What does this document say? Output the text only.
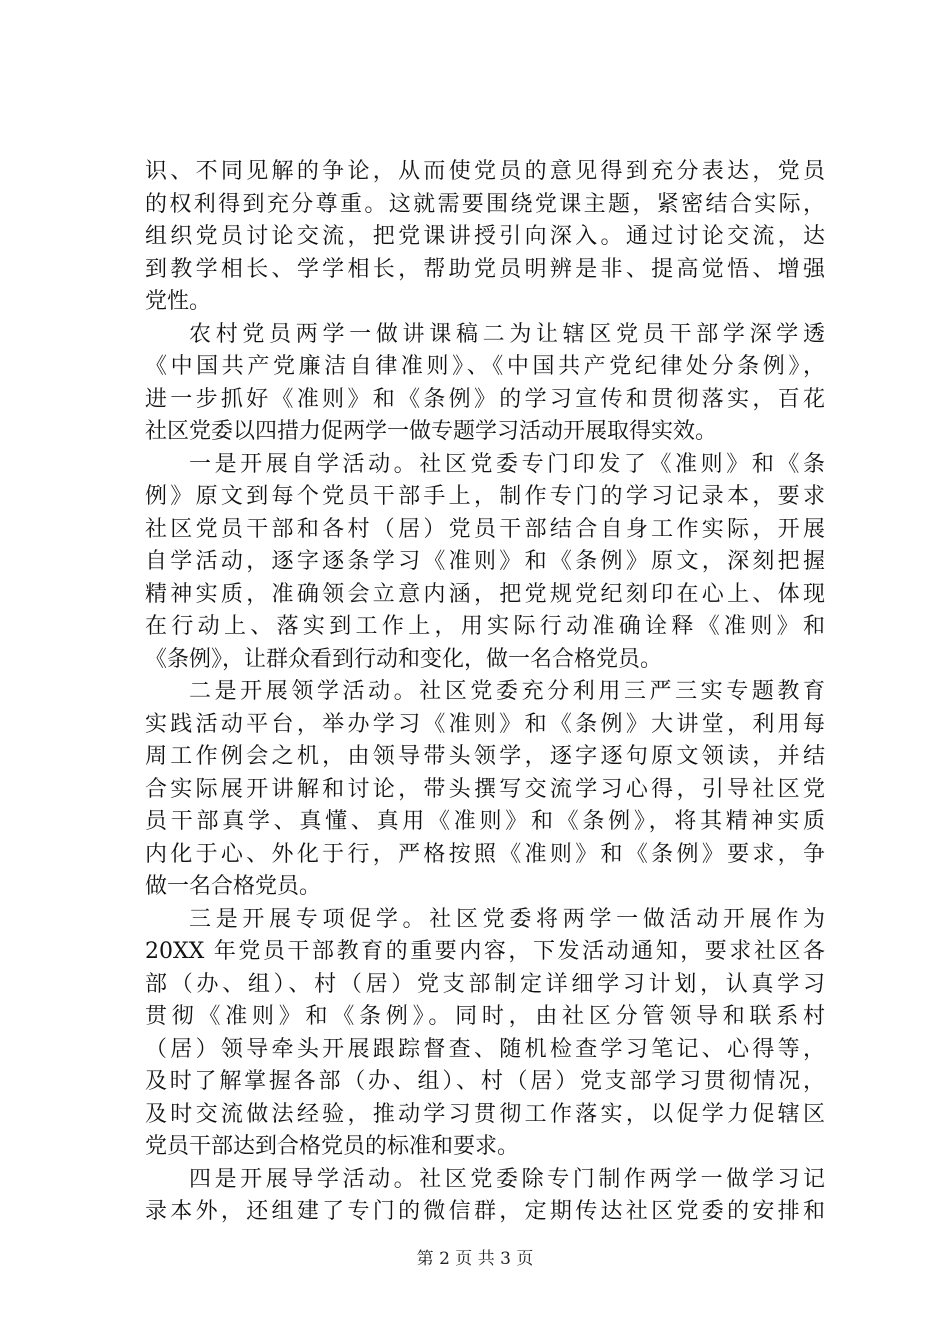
识、不同见解的争论，从而使党员的意见得到充分表达，党员
的权利得到充分尊重。这就需要围绕党课主题，紧密结合实际，
组织党员讨论交流，把党课讲授引向深入。通过讨论交流，达
到教学相长、学学相长，帮助党员明辨是非、提高觉悟、增强
党性。
农村党员两学一做讲课稿二为让辖区党员干部学深学透
《中国共产党廉洁自律准则》、《中国共产党纪律处分条例》，
进一步抓好《准则》和《条例》的学习宣传和贯彻落实，百花
社区党委以四措力促两学一做专题学习活动开展取得实效。
一是开展自学活动。社区党委专门印发了《准则》和《条
例》原文到每个党员干部手上，制作专门的学习记录本，要求
社区党员干部和各村（居）党员干部结合自身工作实际，开展
自学活动，逐字逐条学习《准则》和《条例》原文，深刻把握
精神实质，准确领会立意内涵，把党规党纪刻印在心上、体现
在行动上、落实到工作上，用实际行动准确诠释《准则》和
《条例》，让群众看到行动和变化，做一名合格党员。
二是开展领学活动。社区党委充分利用三严三实专题教育
实践活动平台，举办学习《准则》和《条例》大讲堂，利用每
周工作例会之机，由领导带头领学，逐字逐句原文领读，并结
合实际展开讲解和讨论，带头撰写交流学习心得，引导社区党
员干部真学、真懂、真用《准则》和《条例》，将其精神实质
内化于心、外化于行，严格按照《准则》和《条例》要求，争
做一名合格党员。
三是开展专项促学。社区党委将两学一做活动开展作为
20XX 年党员干部教育的重要内容，下发活动通知，要求社区各
部（办、组）、村（居）党支部制定详细学习计划，认真学习
贯彻《准则》和《条例》。同时，由社区分管领导和联系村
（居）领导牵头开展跟踪督查、随机检查学习笔记、心得等，
及时了解掌握各部（办、组）、村（居）党支部学习贯彻情况，
及时交流做法经验，推动学习贯彻工作落实，以促学力促辖区
党员干部达到合格党员的标准和要求。
四是开展导学活动。社区党委除专门制作两学一做学习记
录本外，还组建了专门的微信群，定期传达社区党委的安排和
第 2 页 共 3 页
